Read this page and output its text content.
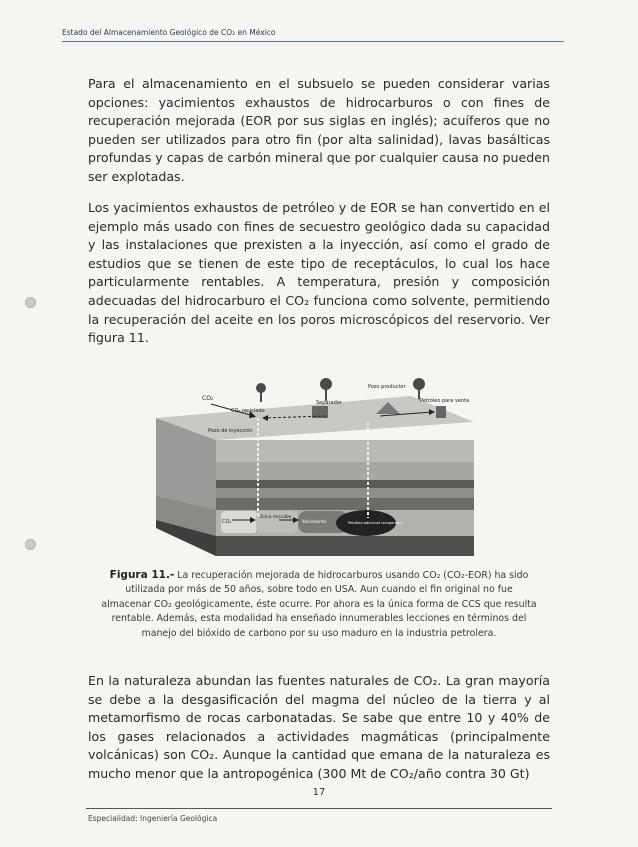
Estado del Almacenamiento Geológico de CO₂ en México

Para el almacenamiento en el subsuelo se pueden considerar varias opciones: yacimientos exhaustos de hidrocarburos o con fines de recuperación mejorada (EOR por sus siglas en inglés); acuíferos que no pueden ser utilizados para otro fin (por alta salinidad), lavas basálticas profundas y capas de carbón mineral que por cualquier causa no pueden ser explotadas.

Los yacimientos exhaustos de petróleo y de EOR se han convertido en el ejemplo más usado con fines de secuestro geológico dada su capacidad y las instalaciones que prexisten a la inyección, así como el grado de estudios que se tienen de este tipo de receptáculos, lo cual los hace particularmente rentables. A temperatura, presión y composición adecuadas del hidrocarburo el CO₂ funciona como solvente, permitiendo la recuperación del aceite en los poros microscópicos del reservorio. Ver figura 11.

CO₂
Pozo productor
CO₂ reciclado
Separador	Petróleo para venta
Pozo de inyección
CO₂
Zona miscible
Yacimiento	Petróleo adicional recuperado
Figura 11.- La recuperación mejorada de hidrocarburos usando CO₂ (CO₂-EOR) ha sido utilizada por más de 50 años, sobre todo en USA. Aun cuando el fin original no fue almacenar CO₂ geológicamente, éste ocurre. Por ahora es la única forma de CCS que resulta rentable. Además, esta modalidad ha enseñado innumerables lecciones en términos del manejo del bióxido de carbono por su uso maduro en la industria petrolera.

En la naturaleza abundan las fuentes naturales de CO₂. La gran mayoría se debe a la desgasificación del magma del núcleo de la tierra y al metamorfismo de rocas carbonatadas. Se sabe que entre 10 y 40% de los gases relacionados a actividades magmáticas (principalmente volcánicas) son CO₂. Aunque la cantidad que emana de la naturaleza es mucho menor que la antropogénica (300 Mt de CO₂/año contra 30 Gt)

17
Especialidad: Ingeniería Geológica
